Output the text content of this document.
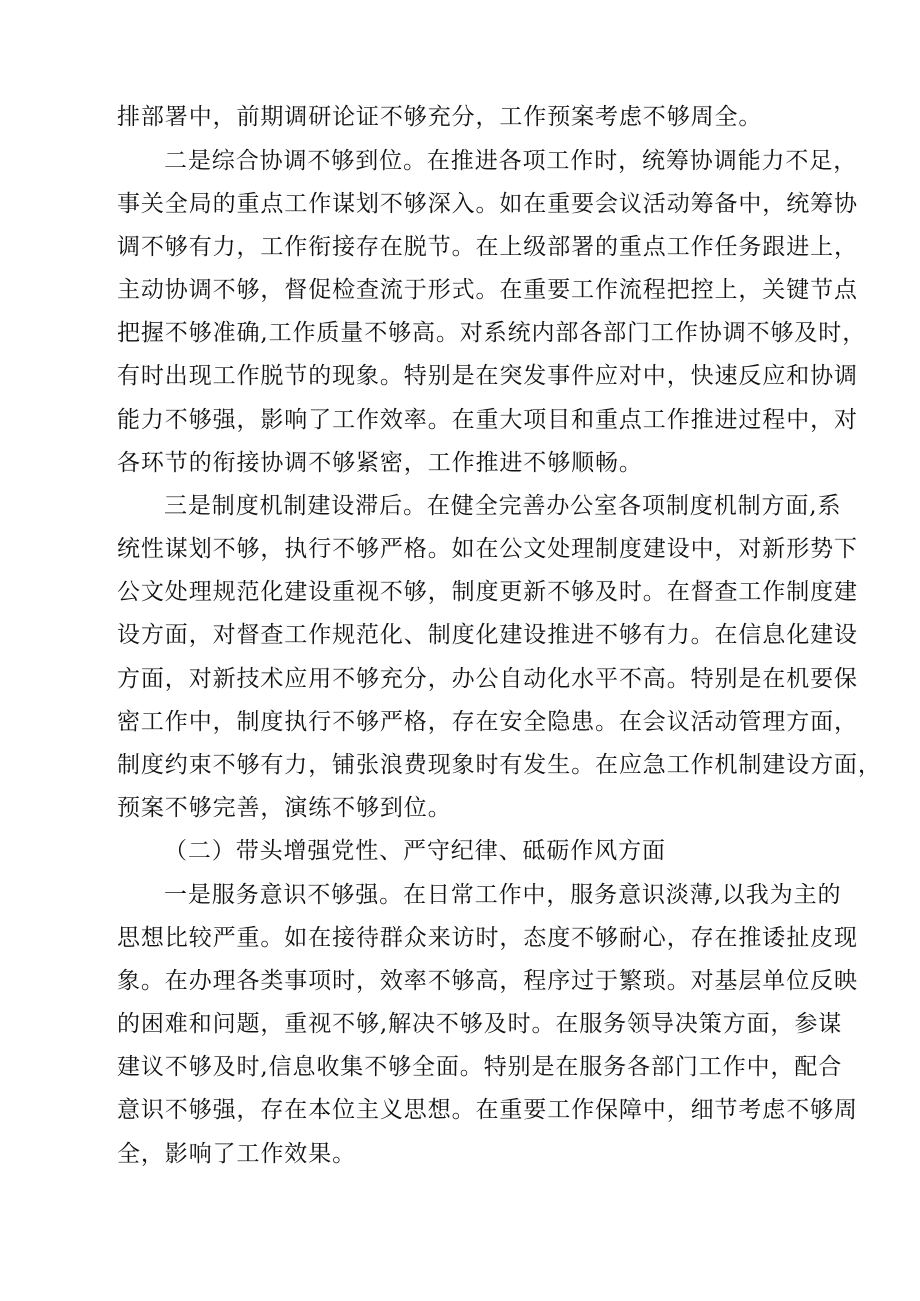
排部署中，前期调研论证不够充分，工作预案考虑不够周全。
二是综合协调不够到位。在推进各项工作时，统筹协调能力不足，
事关全局的重点工作谋划不够深入。如在重要会议活动筹备中，统筹协
调不够有力，工作衔接存在脱节。在上级部署的重点工作任务跟进上，
主动协调不够，督促检查流于形式。在重要工作流程把控上，关键节点
把握不够准确,工作质量不够高。对系统内部各部门工作协调不够及时，
有时出现工作脱节的现象。特别是在突发事件应对中，快速反应和协调
能力不够强，影响了工作效率。在重大项目和重点工作推进过程中，对
各环节的衔接协调不够紧密，工作推进不够顺畅。
三是制度机制建设滞后。在健全完善办公室各项制度机制方面,系
统性谋划不够，执行不够严格。如在公文处理制度建设中，对新形势下
公文处理规范化建设重视不够，制度更新不够及时。在督查工作制度建
设方面，对督查工作规范化、制度化建设推进不够有力。在信息化建设
方面，对新技术应用不够充分，办公自动化水平不高。特别是在机要保
密工作中，制度执行不够严格，存在安全隐患。在会议活动管理方面，
制度约束不够有力，铺张浪费现象时有发生。在应急工作机制建设方面，
预案不够完善，演练不够到位。
（二）带头增强党性、严守纪律、砥砺作风方面
一是服务意识不够强。在日常工作中，服务意识淡薄,以我为主的
思想比较严重。如在接待群众来访时，态度不够耐心，存在推诿扯皮现
象。在办理各类事项时，效率不够高，程序过于繁琐。对基层单位反映
的困难和问题，重视不够,解决不够及时。在服务领导决策方面，参谋
建议不够及时,信息收集不够全面。特别是在服务各部门工作中，配合
意识不够强，存在本位主义思想。在重要工作保障中，细节考虑不够周
全，影响了工作效果。
